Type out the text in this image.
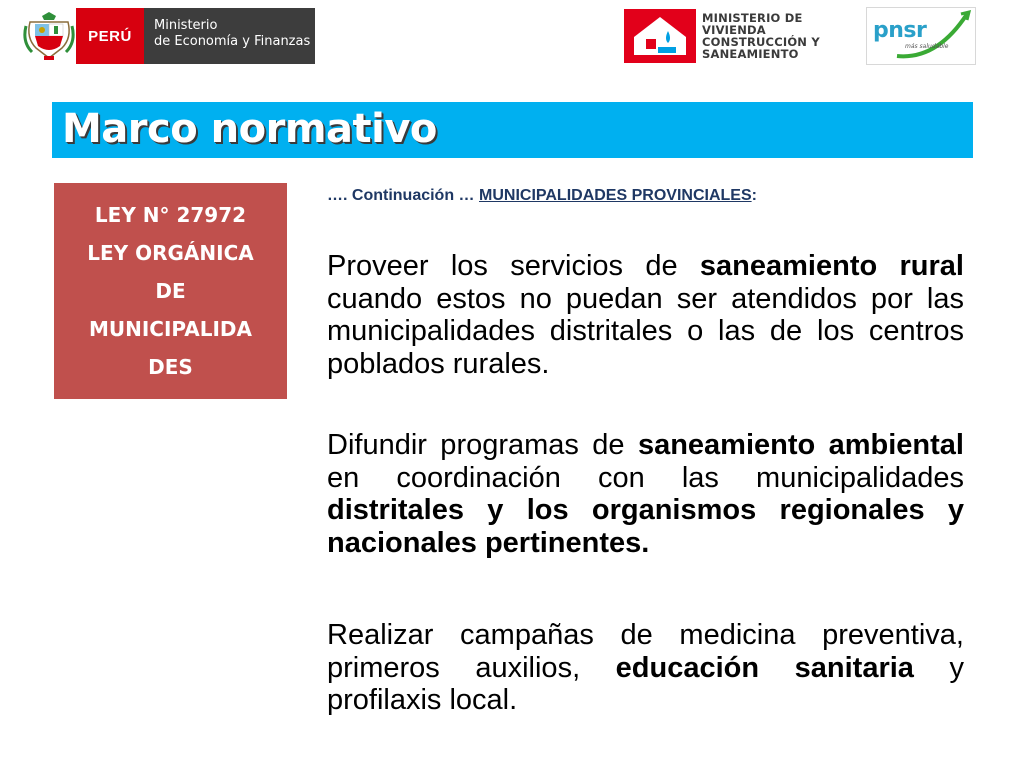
PERÚ
Ministerio
de Economía y Finanzas
MINISTERIO DE
VIVIENDA
CONSTRUCCIÓN Y
SANEAMIENTO
pnsr
más saludable
Marco normativo
LEY N° 27972
LEY ORGÁNICA
DE
MUNICIPALIDA
DES
…. Continuación … MUNICIPALIDADES PROVINCIALES:
Proveer los servicios de saneamiento rural cuando estos no puedan ser atendidos por las municipalidades distritales o las de los centros poblados rurales.
Difundir programas de saneamiento ambiental en coordinación con las municipalidades distritales y los organismos regionales y nacionales pertinentes.
Realizar campañas de medicina preventiva, primeros auxilios, educación sanitaria y profilaxis local.
